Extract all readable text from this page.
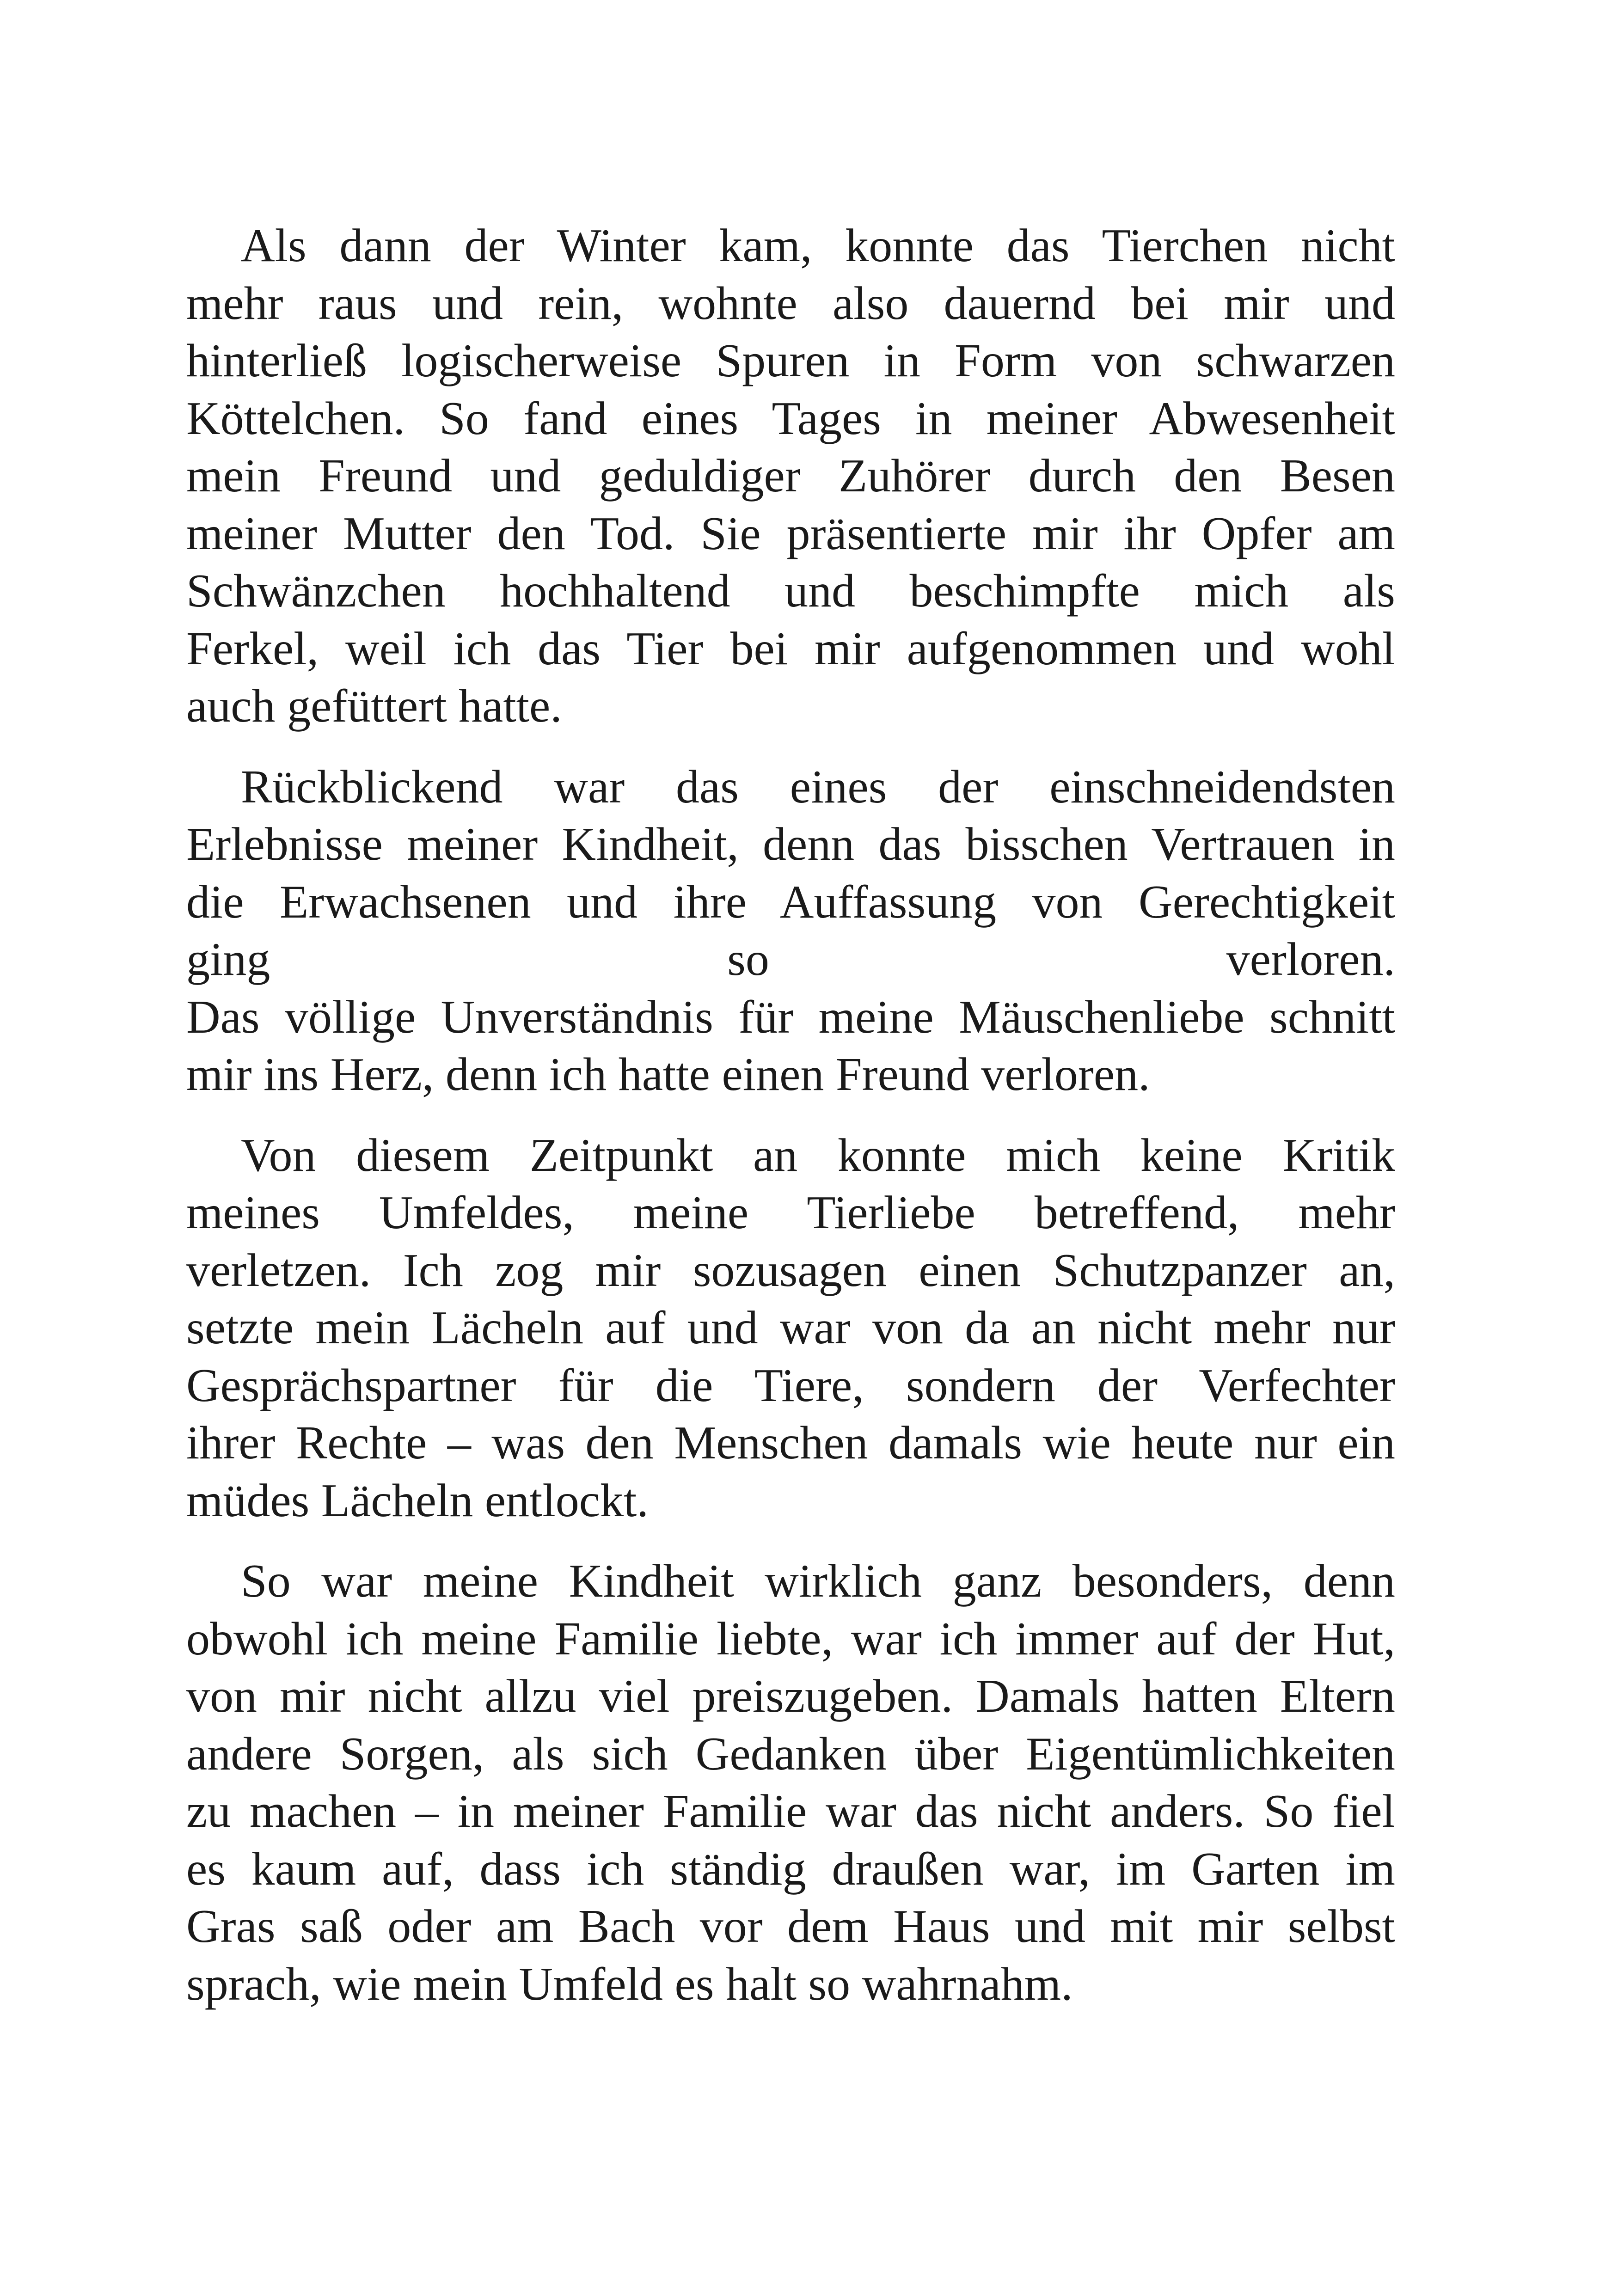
Als dann der Winter kam, konnte das Tierchen nicht
mehr raus und rein, wohnte also dauernd bei mir und
hinterließ logischerweise Spuren in Form von schwarzen
Köttelchen. So fand eines Tages in meiner Abwesenheit
mein Freund und geduldiger Zuhörer durch den Besen
meiner Mutter den Tod. Sie präsentierte mir ihr Opfer am
Schwänzchen hochhaltend und beschimpfte mich als
Ferkel, weil ich das Tier bei mir aufgenommen und wohl
auch gefüttert hatte.

Rückblickend war das eines der einschneidendsten
Erlebnisse meiner Kindheit, denn das bisschen Vertrauen in
die Erwachsenen und ihre Auffassung von Gerechtigkeit
ging so verloren.
Das völlige Unverständnis für meine Mäuschenliebe schnitt
mir ins Herz, denn ich hatte einen Freund verloren.

Von diesem Zeitpunkt an konnte mich keine Kritik
meines Umfeldes, meine Tierliebe betreffend, mehr
verletzen. Ich zog mir sozusagen einen Schutzpanzer an,
setzte mein Lächeln auf und war von da an nicht mehr nur
Gesprächspartner für die Tiere, sondern der Verfechter
ihrer Rechte – was den Menschen damals wie heute nur ein
müdes Lächeln entlockt.

So war meine Kindheit wirklich ganz besonders, denn
obwohl ich meine Familie liebte, war ich immer auf der Hut,
von mir nicht allzu viel preiszugeben. Damals hatten Eltern
andere Sorgen, als sich Gedanken über Eigentümlichkeiten
zu machen – in meiner Familie war das nicht anders. So fiel
es kaum auf, dass ich ständig draußen war, im Garten im
Gras saß oder am Bach vor dem Haus und mit mir selbst
sprach, wie mein Umfeld es halt so wahrnahm.
